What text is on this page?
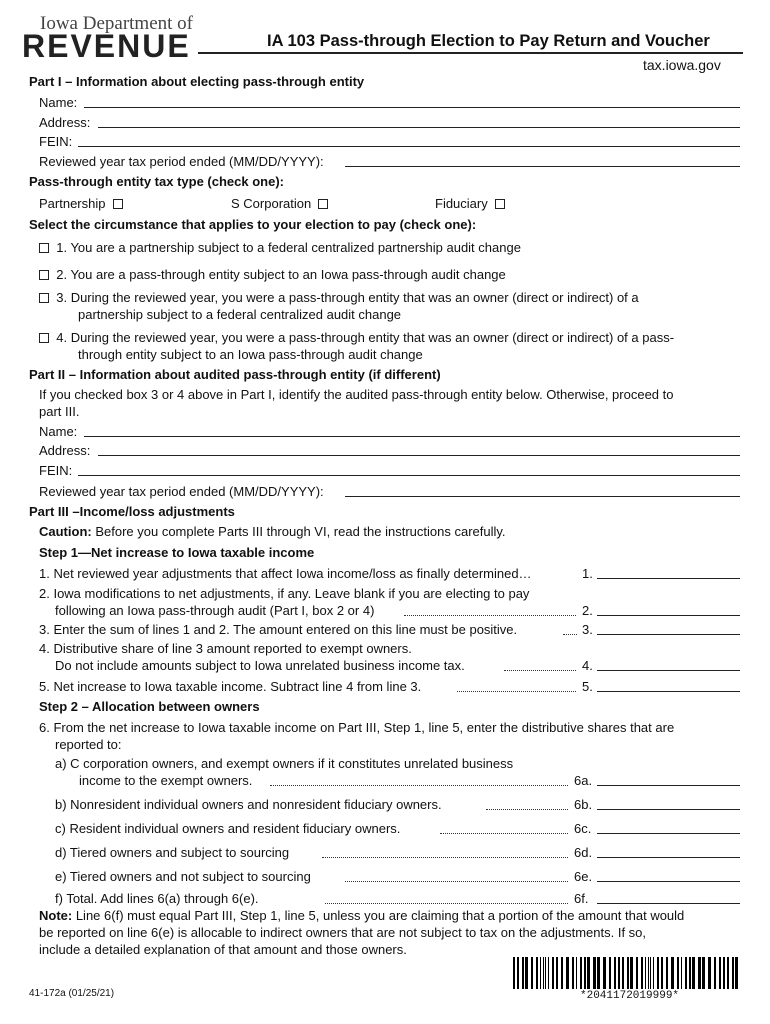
Iowa Department of
REVENUE	IA 103 Pass-through Election to Pay Return and Voucher
tax.iowa.gov
Part I – Information about electing pass-through entity
Name:
Address:
FEIN:
Reviewed year tax period ended (MM/DD/YYYY):
Pass-through entity tax type (check one):
Partnership	S Corporation	Fiduciary
Select the circumstance that applies to your election to pay (check one):
1. You are a partnership subject to a federal centralized partnership audit change
2. You are a pass-through entity subject to an Iowa pass-through audit change
3. During the reviewed year, you were a pass-through entity that was an owner (direct or indirect) of a
partnership subject to a federal centralized audit change
4. During the reviewed year, you were a pass-through entity that was an owner (direct or indirect) of a pass-
through entity subject to an Iowa pass-through audit change
Part II – Information about audited pass-through entity (if different)
If you checked box 3 or 4 above in Part I, identify the audited pass-through entity below. Otherwise, proceed to
part III.
Name:
Address:
FEIN:
Reviewed year tax period ended (MM/DD/YYYY):
Part III –Income/loss adjustments
Caution: Before you complete Parts III through VI, read the instructions carefully.
Step 1—Net increase to Iowa taxable income
1. Net reviewed year adjustments that affect Iowa income/loss as finally determined…	1.
2. Iowa modifications to net adjustments, if any. Leave blank if you are electing to pay
following an Iowa pass-through audit (Part I, box 2 or 4)	2.
3. Enter the sum of lines 1 and 2. The amount entered on this line must be positive.	3.
4. Distributive share of line 3 amount reported to exempt owners.
Do not include amounts subject to Iowa unrelated business income tax.	4.
5. Net increase to Iowa taxable income. Subtract line 4 from line 3.	5.
Step 2 – Allocation between owners
6. From the net increase to Iowa taxable income on Part III, Step 1, line 5, enter the distributive shares that are
reported to:
a) C corporation owners, and exempt owners if it constitutes unrelated business
income to the exempt owners.	6a.
b) Nonresident individual owners and nonresident fiduciary owners.	6b.
c) Resident individual owners and resident fiduciary owners.	6c.
d) Tiered owners and subject to sourcing	6d.
e) Tiered owners and not subject to sourcing	6e.
f) Total. Add lines 6(a) through 6(e).	6f.
Note: Line 6(f) must equal Part III, Step 1, line 5, unless you are claiming that a portion of the amount that would
be reported on line 6(e) is allocable to indirect owners that are not subject to tax on the adjustments. If so,
include a detailed explanation of that amount and those owners.
41-172a (01/25/21)	*2041172019999*
